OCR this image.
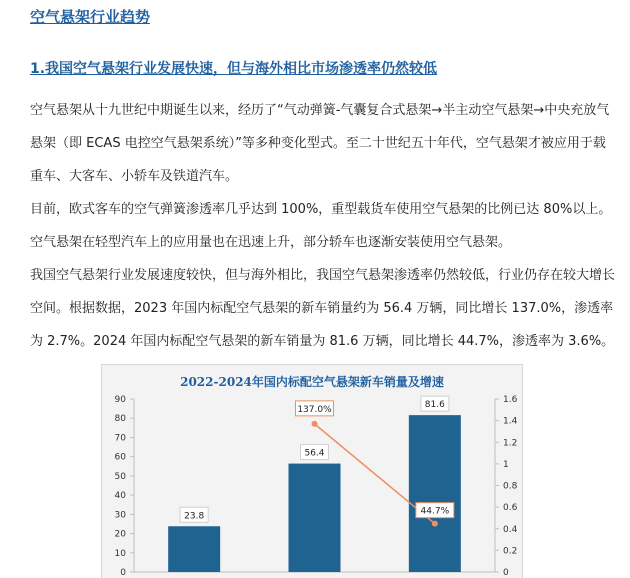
空气悬架行业趋势
1.我国空气悬架行业发展快速，但与海外相比市场渗透率仍然较低

空气悬架从十九世纪中期诞生以来，经历了“气动弹簧-气囊复合式悬架→半主动空气悬架→中央充放气悬架（即 ECAS 电控空气悬架系统）”等多种变化型式。至二十世纪五十年代，空气悬架才被应用于载重车、大客车、小轿车及铁道汽车。

目前，欧式客车的空气弹簧渗透率几乎达到 100%，重型载货车使用空气悬架的比例已达 80%以上。

空气悬架在轻型汽车上的应用量也在迅速上升，部分轿车也逐渐安装使用空气悬架。

我国空气悬架行业发展速度较快，但与海外相比，我国空气悬架渗透率仍然较低，行业仍存在较大增长空间。根据数据，2023 年国内标配空气悬架的新车销量约为 56.4 万辆，同比增长 137.0%，渗透率为 2.7%。2024 年国内标配空气悬架的新车销量为 81.6 万辆，同比增长 44.7%，渗透率为 3.6%。

2022-2024年国内标配空气悬架新车销量及增速
0
10
20
30
40
50
60
70
80
90
0
0.2
0.4
0.6
0.8
1
1.2
1.4
1.6
23.8
56.4
81.6
137.0%
44.7%
